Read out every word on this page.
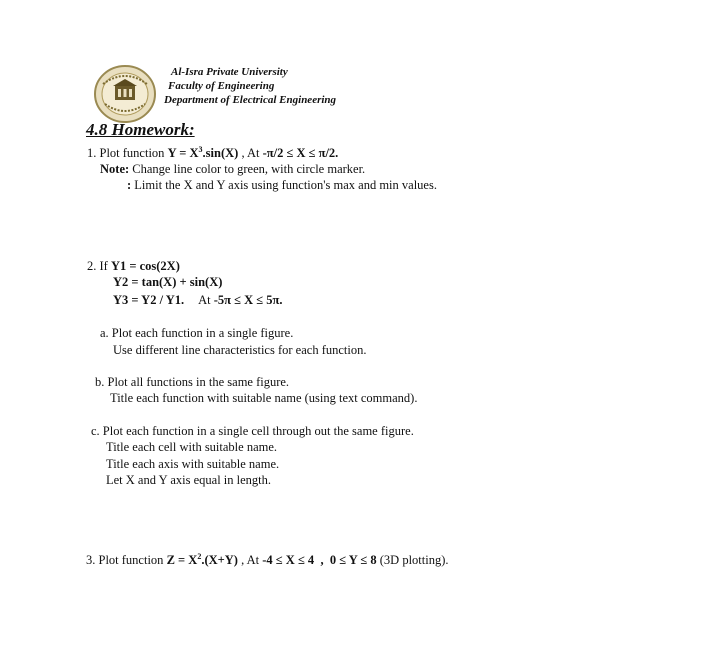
Al-Isra Private University
Faculty of Engineering
Department of Electrical Engineering
4.8 Homework:
1. Plot function $Y = X^3.\sin(X)$ , At -π/2 ≤ X ≤ π/2.
Note: Change line color to green, with circle marker.
: Limit the X and Y axis using function's max and min values.
2. If Y1 = cos(2X)
Y2 = tan(X) + sin(X)
Y3 = Y2 / Y1. At -5π ≤ X ≤ 5π.
a. Plot each function in a single figure.
Use different line characteristics for each function.
b. Plot all functions in the same figure.
Title each function with suitable name (using text command).
c. Plot each function in a single cell through out the same figure.
Title each cell with suitable name.
Title each axis with suitable name.
Let X and Y axis equal in length.
3. Plot function $Z = X^2.(X+Y)$ , At -4 ≤ X ≤ 4  ,  0 ≤ Y ≤ 8 (3D plotting).
